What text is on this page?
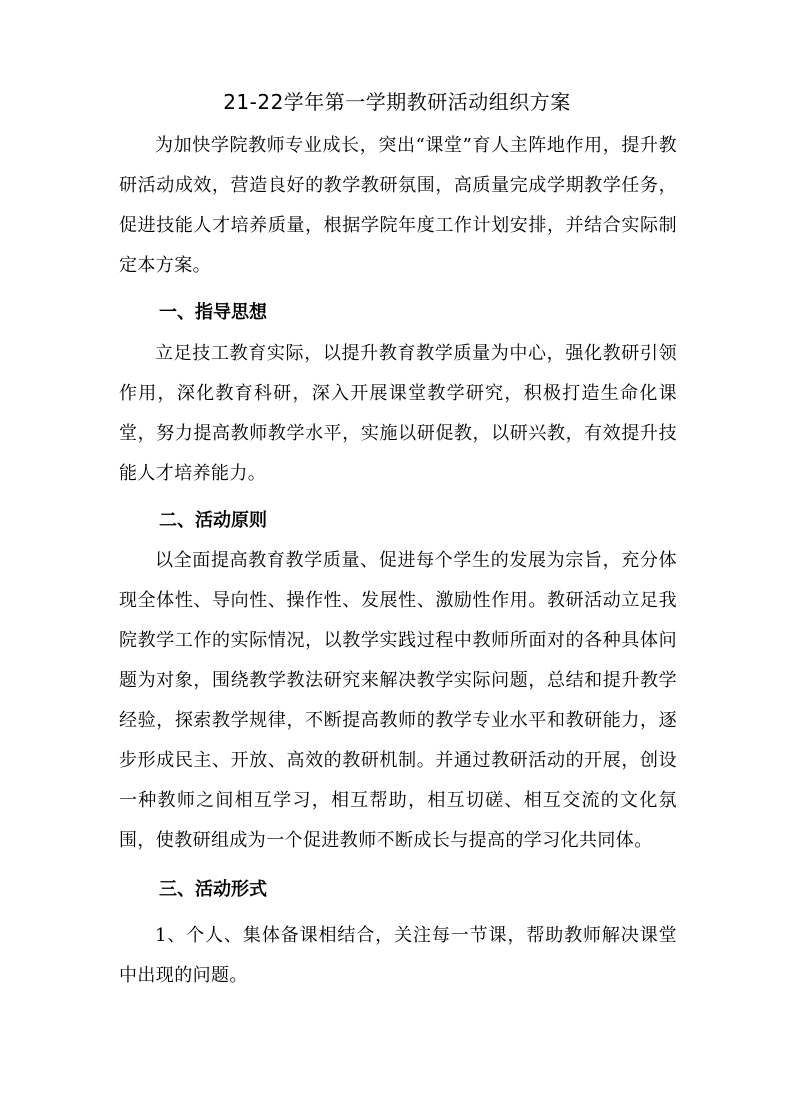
21-22学年第一学期教研活动组织方案
为加快学院教师专业成长，突出“课堂”育人主阵地作用，提升教研活动成效，营造良好的教学教研氛围，高质量完成学期教学任务，促进技能人才培养质量，根据学院年度工作计划安排，并结合实际制定本方案。
一、指导思想
立足技工教育实际，以提升教育教学质量为中心，强化教研引领作用，深化教育科研，深入开展课堂教学研究，积极打造生命化课堂，努力提高教师教学水平，实施以研促教，以研兴教，有效提升技能人才培养能力。
二、活动原则
以全面提高教育教学质量、促进每个学生的发展为宗旨，充分体现全体性、导向性、操作性、发展性、激励性作用。教研活动立足我院教学工作的实际情况，以教学实践过程中教师所面对的各种具体问题为对象，围绕教学教法研究来解决教学实际问题，总结和提升教学经验，探索教学规律，不断提高教师的教学专业水平和教研能力，逐步形成民主、开放、高效的教研机制。并通过教研活动的开展，创设一种教师之间相互学习，相互帮助，相互切磋、相互交流的文化氛围，使教研组成为一个促进教师不断成长与提高的学习化共同体。
三、活动形式
1、个人、集体备课相结合，关注每一节课，帮助教师解决课堂中出现的问题。
